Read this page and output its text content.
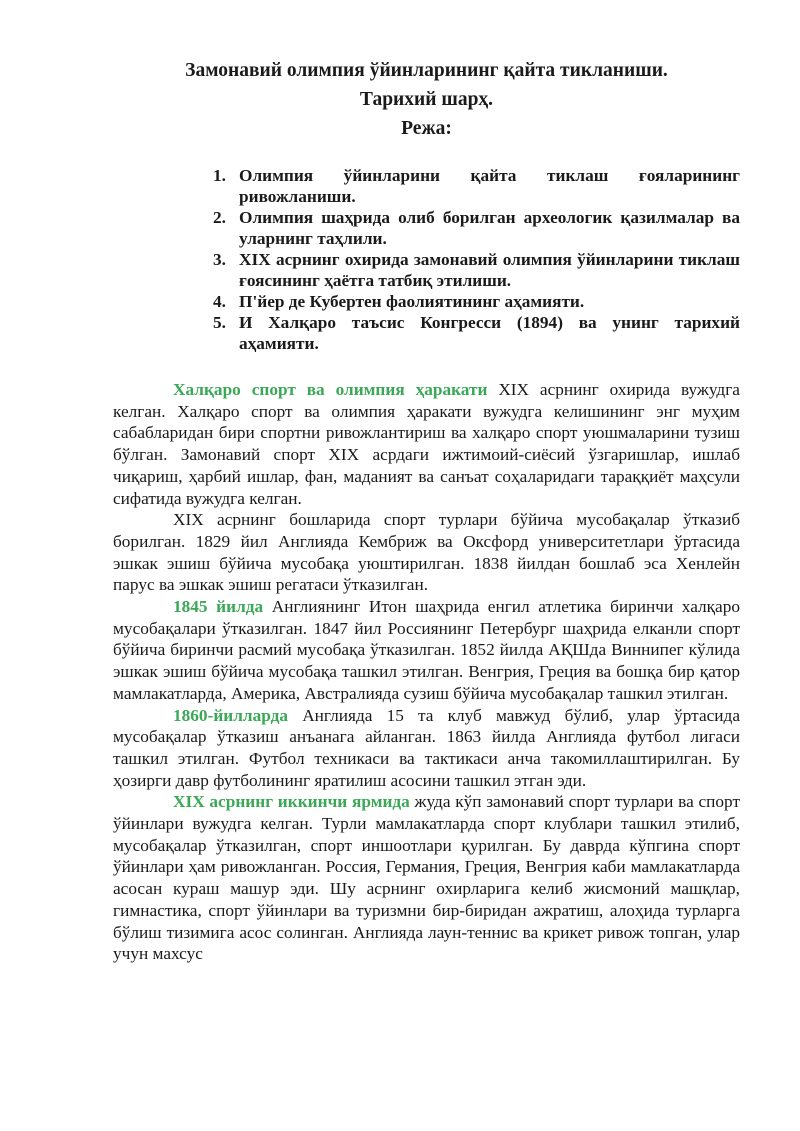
Замонавий олимпия ўйинларининг қайта тикланиши.
Тарихий шарҳ.
Режа:
1. Олимпия ўйинларини қайта тиклаш ғояларининг ривожланиши.
2. Олимпия шаҳрида олиб борилган археологик қазилмалар ва уларнинг таҳлили.
3. XIX асрнинг охирида замонавий олимпия ўйинларини тиклаш ғоясининг ҳаётга татбиқ этилиши.
4. П'йер де Кубертен фаолиятининг аҳамияти.
5. И Халқаро таъсис Конгресси (1894) ва унинг тарихий аҳамияти.

Халқаро спорт ва олимпия ҳаракати XIX асрнинг охирида вужудга келган. Халқаро спорт ва олимпия ҳаракати вужудга келишининг энг муҳим сабабларидан бири спортни ривожлантириш ва халқаро спорт уюшмаларини тузиш бўлган. Замонавий спорт XIX асрдаги ижтимоий-сиёсий ўзгаришлар, ишлаб чиқариш, ҳарбий ишлар, фан, маданият ва санъат соҳаларидаги тараққиёт маҳсули сифатида вужудга келган.

XIX асрнинг бошларида спорт турлари бўйича мусобақалар ўтказиб борилган. 1829 йил Англияда Кембриж ва Оксфорд университетлари ўртасида эшкак эшиш бўйича мусобақа уюштирилган. 1838 йилдан бошлаб эса Хенлейн парус ва эшкак эшиш регатаси ўтказилган.

1845 йилда Англиянинг Итон шаҳрида енгил атлетика биринчи халқаро мусобақалари ўтказилган. 1847 йил Россиянинг Петербург шаҳрида елканли спорт бўйича биринчи расмий мусобақа ўтказилган. 1852 йилда АҚШда Виннипег кўлида эшкак эшиш бўйича мусобақа ташкил этилган. Венгрия, Греция ва бошқа бир қатор мамлакатларда, Америка, Австралияда сузиш бўйича мусобақалар ташкил этилган.

1860-йилларда Англияда 15 та клуб мавжуд бўлиб, улар ўртасида мусобақалар ўтказиш анъанага айланган. 1863 йилда Англияда футбол лигаси ташкил этилган. Футбол техникаси ва тактикаси анча такомиллаштирилган. Бу ҳозирги давр футболининг яратилиш асосини ташкил этган эди.

XIX асрнинг иккинчи ярмида жуда кўп замонавий спорт турлари ва спорт ўйинлари вужудга келган. Турли мамлакатларда спорт клублари ташкил этилиб, мусобақалар ўтказилган, спорт иншоотлари қурилган. Бу даврда кўпгина спорт ўйинлари ҳам ривожланган. Россия, Германия, Греция, Венгрия каби мамлакатларда асосан кураш машур эди. Шу асрнинг охирларига келиб жисмоний машқлар, гимнастика, спорт ўйинлари ва туризмни бир-биридан ажратиш, алоҳида турларга бўлиш тизимига асос солинган. Англияда лаун-теннис ва крикет ривож топган, улар учун махсус
